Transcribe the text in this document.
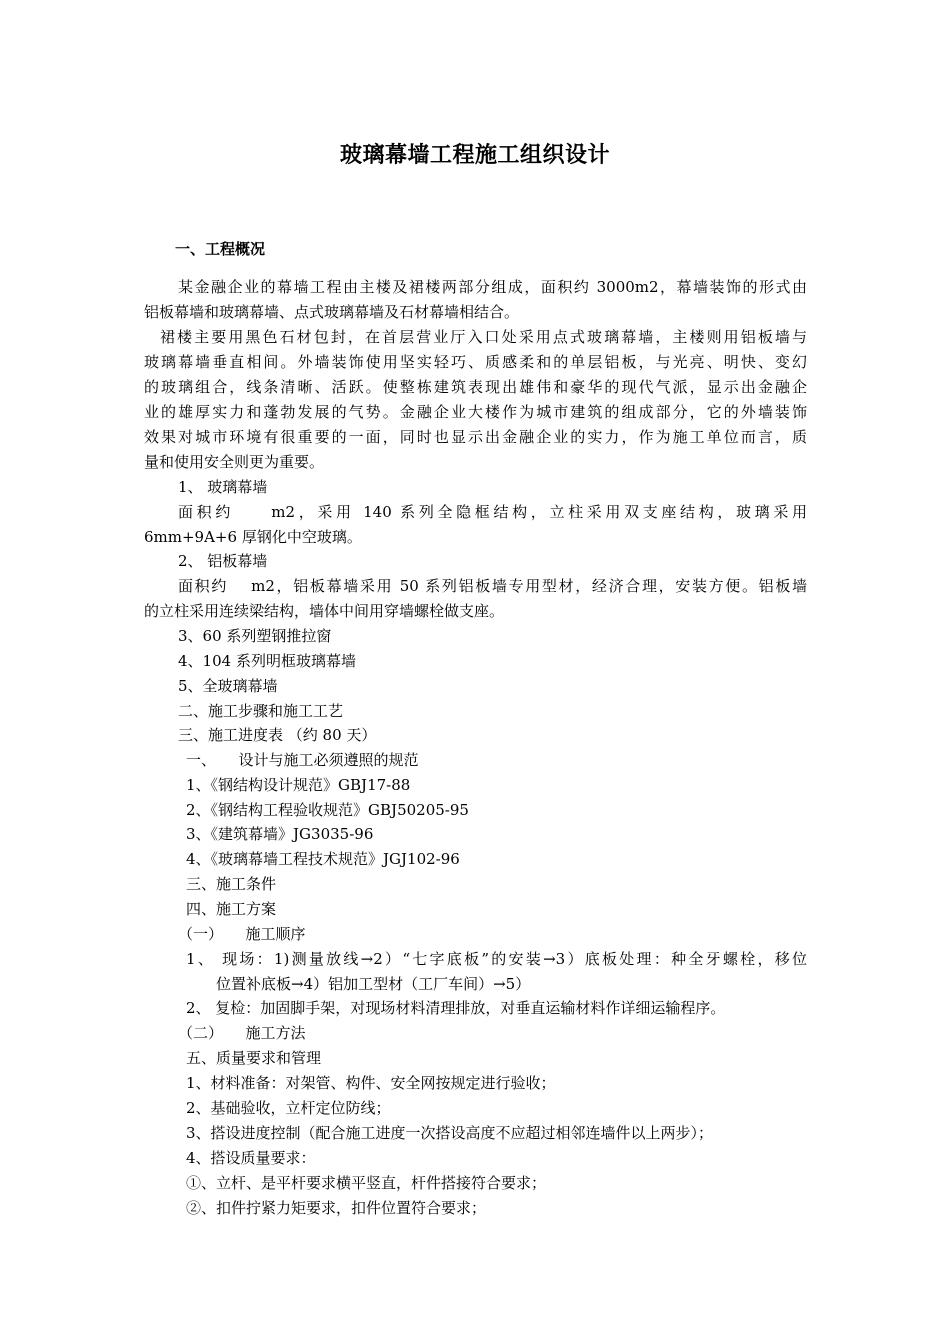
玻璃幕墙工程施工组织设计
一、工程概况
某金融企业的幕墙工程由主楼及裙楼两部分组成，面积约 3000m2，幕墙装饰的形式由
铝板幕墙和玻璃幕墙、点式玻璃幕墙及石材幕墙相结合。
裙楼主要用黑色石材包封，在首层营业厅入口处采用点式玻璃幕墙，主楼则用铝板墙与
玻璃幕墙垂直相间。外墙装饰使用坚实轻巧、质感柔和的单层铝板，与光亮、明快、变幻
的玻璃组合，线条清晰、活跃。使整栋建筑表现出雄伟和豪华的现代气派，显示出金融企
业的雄厚实力和蓬勃发展的气势。金融企业大楼作为城市建筑的组成部分，它的外墙装饰
效果对城市环境有很重要的一面，同时也显示出金融企业的实力，作为施工单位而言，质
量和使用安全则更为重要。
1、 玻璃幕墙
面积约　　m2，采用 140 系列全隐框结构，立柱采用双支座结构，玻璃采用
6mm+9A+6 厚钢化中空玻璃。
2、 铝板幕墙
面积约　 m2，铝板幕墙采用 50 系列铝板墙专用型材，经济合理，安装方便。铝板墙
的立柱采用连续梁结构，墙体中间用穿墙螺栓做支座。
3、60 系列塑钢推拉窗
4、104 系列明框玻璃幕墙
5、全玻璃幕墙
二、施工步骤和施工工艺
三、施工进度表 （约 80 天）
一、　　设计与施工必须遵照的规范
1、《钢结构设计规范》GBJ17-88
2、《钢结构工程验收规范》GBJ50205-95
3、《建筑幕墙》JG3035-96
4、《玻璃幕墙工程技术规范》JGJ102-96
三、施工条件
四、施工方案
（一）　　施工顺序
1、 现场：1)测量放线→2）“七字底板”的安装→3）底板处理：种全牙螺栓，移位
位置补底板→4）铝加工型材（工厂车间）→5）
2、 复检：加固脚手架，对现场材料清理排放，对垂直运输材料作详细运输程序。
（二）　　施工方法
五、质量要求和管理
1、材料准备：对架管、构件、安全网按规定进行验收；
2、基础验收，立杆定位防线；
3、搭设进度控制（配合施工进度一次搭设高度不应超过相邻连墙件以上两步）；
4、搭设质量要求：
①、立杆、是平杆要求横平竖直，杆件搭接符合要求；
②、扣件拧紧力矩要求，扣件位置符合要求；
